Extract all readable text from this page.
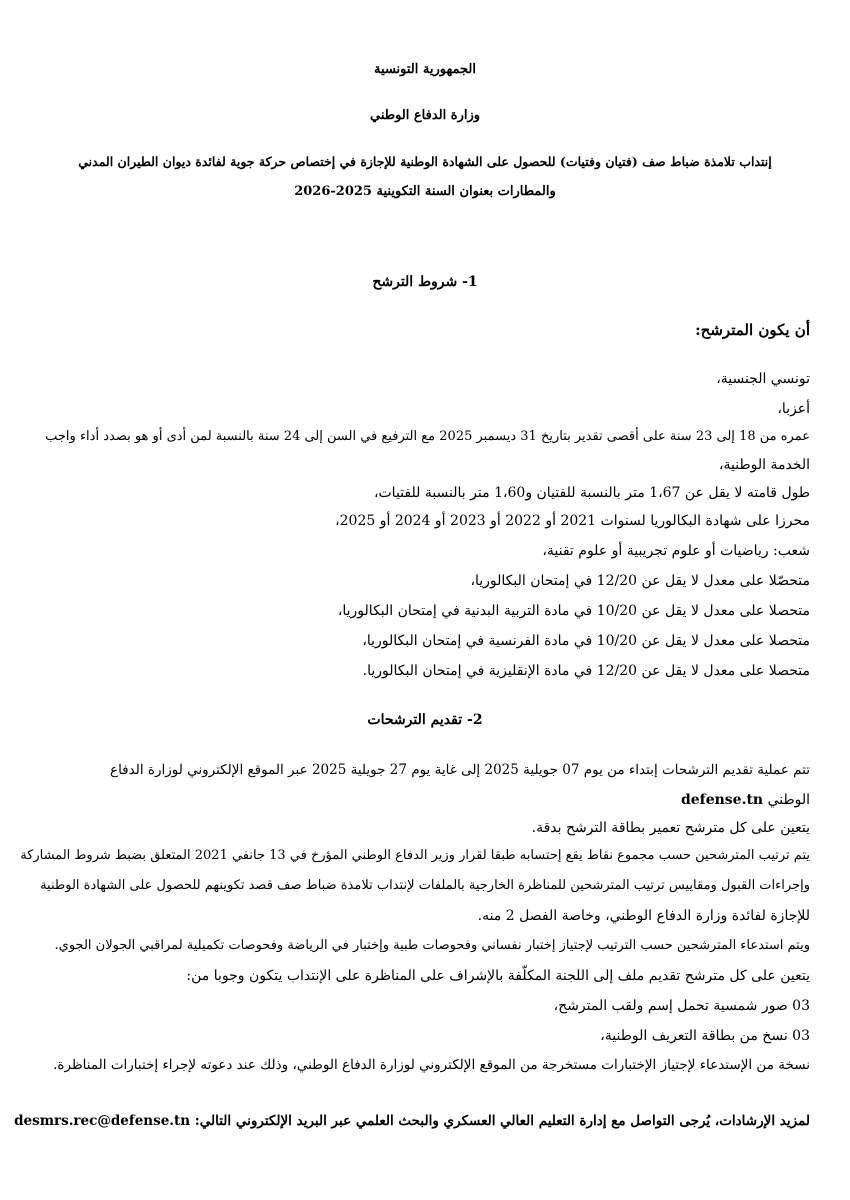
الجمهورية التونسية
وزارة الدفاع الوطني
إنتداب تلامذة ضباط صف (فتيان وفتيات) للحصول على الشهادة الوطنية للإجازة في إختصاص حركة جوية لفائدة ديوان الطيران المدني
والمطارات بعنوان السنة التكوينية 2025-2026
1- شروط الترشح
أن يكون المترشح:
تونسي الجنسية،
أعزبا،
عمره من 18 إلى 23 سنة على أقصى تقدير بتاريخ 31 ديسمبر 2025 مع الترفيع في السن إلى 24 سنة بالنسبة لمن أدى أو هو بصدد أداء واجب
الخدمة الوطنية،
طول قامته لا يقل عن 1،67 متر بالنسبة للفتيان و1،60 متر بالنسبة للفتيات،
محرزا على شهادة البكالوريا لسنوات 2021 أو 2022 أو 2023 أو 2024 أو 2025،
شعب: رياضيات أو علوم تجريبية أو علوم تقنية،
متحصّلا على معدل لا يقل عن 12/20 في إمتحان البكالوريا،
متحصلا على معدل لا يقل عن 10/20 في مادة التربية البدنية في إمتحان البكالوريا،
متحصلا على معدل لا يقل عن 10/20 في مادة الفرنسية في إمتحان البكالوريا،
متحصلا على معدل لا يقل عن 12/20 في مادة الإنقليزية في إمتحان البكالوريا.
2- تقديم الترشحات
تتم عملية تقديم الترشحات إبتداء من يوم 07 جويلية 2025 إلى غاية يوم 27 جويلية 2025 عبر الموقع الإلكتروني لوزارة الدفاع
الوطني defense.tn
يتعين على كل مترشح تعمير بطاقة الترشح بدقة.
يتم ترتيب المترشحين حسب مجموع نقاط يقع إحتسابه طبقا لقرار وزير الدفاع الوطني المؤرخ في 13 جانفي 2021 المتعلق بضبط شروط المشاركة
وإجراءات القبول ومقاييس ترتيب المترشحين للمناظرة الخارجية بالملفات لإنتداب تلامذة ضباط صف قصد تكوينهم للحصول على الشهادة الوطنية
للإجازة لفائدة وزارة الدفاع الوطني، وخاصة الفصل 2 منه.
ويتم استدعاء المترشحين حسب الترتيب لإجتياز إختبار نفساني وفحوصات طبية وإختبار في الرياضة وفحوصات تكميلية لمراقبي الجولان الجوي.
يتعين على كل مترشح تقديم ملف إلى اللجنة المكلّفة بالإشراف على المناظرة على الإنتداب يتكون وجوبا من:
03 صور شمسية تحمل إسم ولقب المترشح،
03 نسخ من بطاقة التعريف الوطنية،
نسخة من الإستدعاء لإجتياز الإختبارات مستخرجة من الموقع الإلكتروني لوزارة الدفاع الوطني، وذلك عند دعوته لإجراء إختبارات المناظرة.
لمزيد الإرشادات، يُرجى التواصل مع إدارة التعليم العالي العسكري والبحث العلمي عبر البريد الإلكتروني التالي: desmrs.rec@defense.tn
